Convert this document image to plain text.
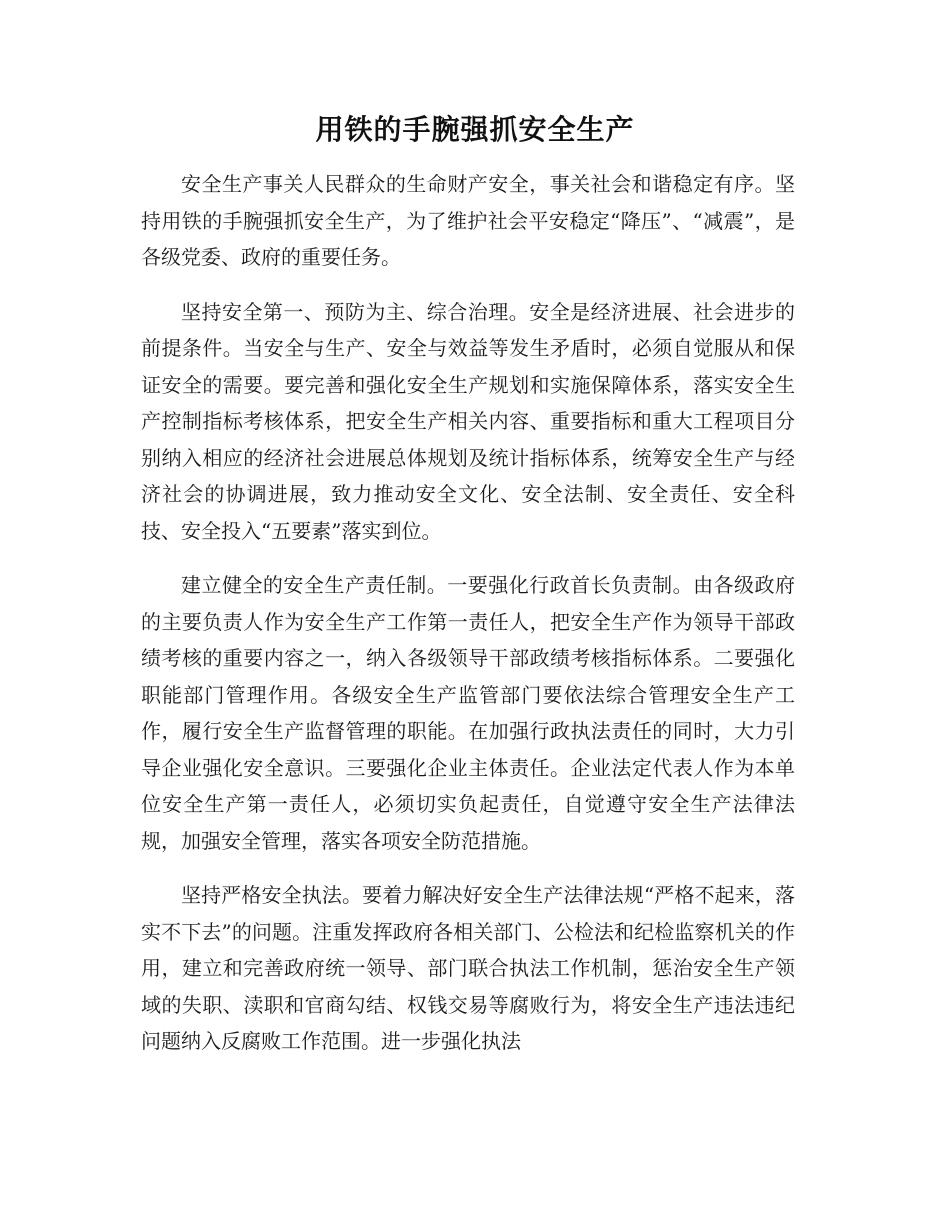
用铁的手腕强抓安全生产

安全生产事关人民群众的生命财产安全，事关社会和谐稳定有序。坚持用铁的手腕强抓安全生产，为了维护社会平安稳定“降压”、“减震”，是各级党委、政府的重要任务。

坚持安全第一、预防为主、综合治理。安全是经济进展、社会进步的前提条件。当安全与生产、安全与效益等发生矛盾时，必须自觉服从和保证安全的需要。要完善和强化安全生产规划和实施保障体系，落实安全生产控制指标考核体系，把安全生产相关内容、重要指标和重大工程项目分别纳入相应的经济社会进展总体规划及统计指标体系，统筹安全生产与经济社会的协调进展，致力推动安全文化、安全法制、安全责任、安全科技、安全投入“五要素”落实到位。

建立健全的安全生产责任制。一要强化行政首长负责制。由各级政府的主要负责人作为安全生产工作第一责任人，把安全生产作为领导干部政绩考核的重要内容之一，纳入各级领导干部政绩考核指标体系。二要强化职能部门管理作用。各级安全生产监管部门要依法综合管理安全生产工作，履行安全生产监督管理的职能。在加强行政执法责任的同时，大力引导企业强化安全意识。三要强化企业主体责任。企业法定代表人作为本单位安全生产第一责任人，必须切实负起责任，自觉遵守安全生产法律法规，加强安全管理，落实各项安全防范措施。

坚持严格安全执法。要着力解决好安全生产法律法规“严格不起来，落实不下去”的问题。注重发挥政府各相关部门、公检法和纪检监察机关的作用，建立和完善政府统一领导、部门联合执法工作机制，惩治安全生产领域的失职、渎职和官商勾结、权钱交易等腐败行为，将安全生产违法违纪问题纳入反腐败工作范围。进一步强化执法
